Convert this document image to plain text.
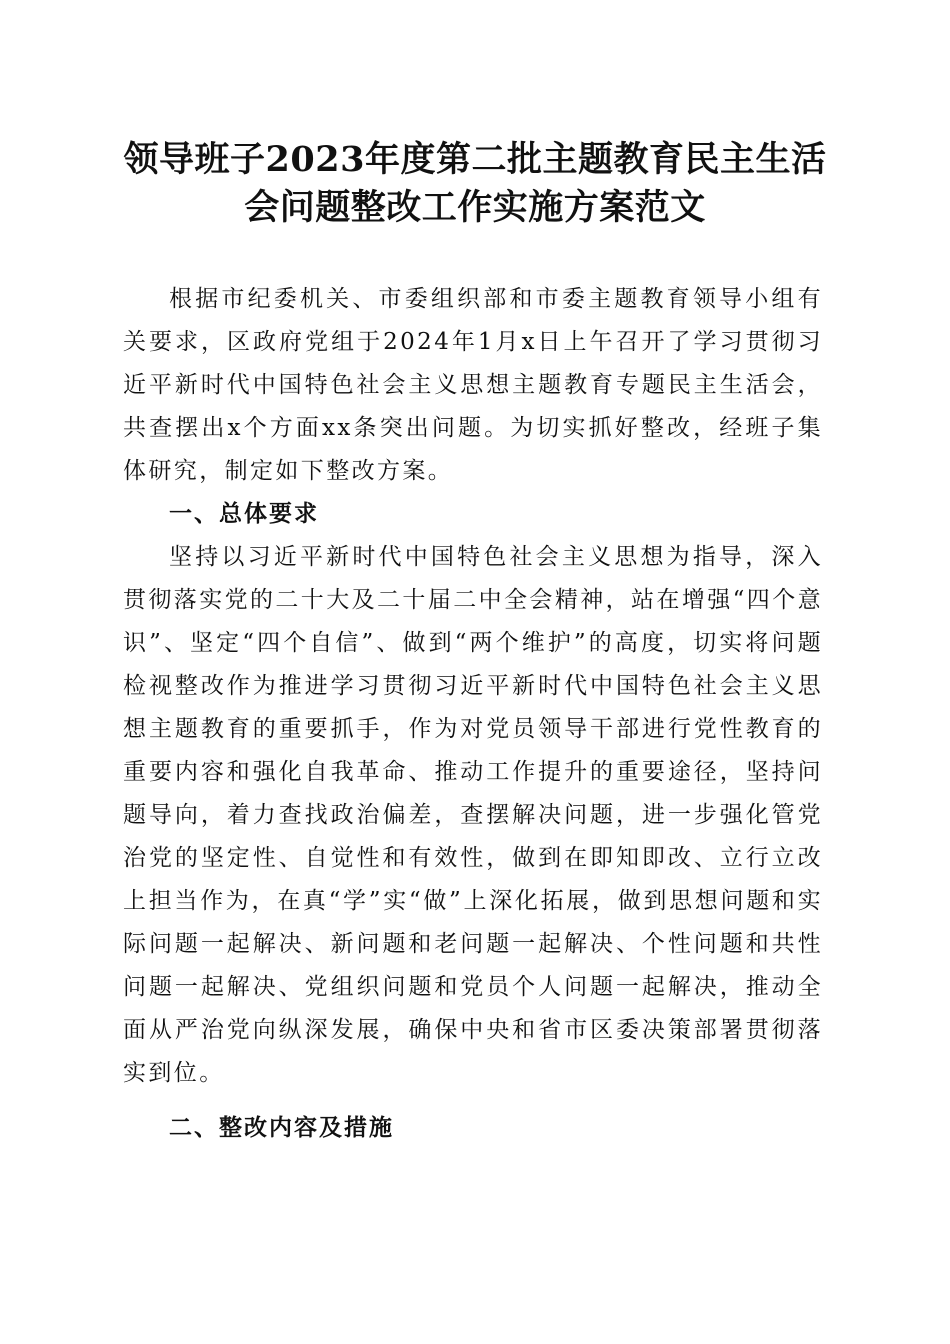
领导班子2023年度第二批主题教育民主生活
会问题整改工作实施方案范文

根据市纪委机关、市委组织部和市委主题教育领导小组有关要求，区政府党组于2024年1月x日上午召开了学习贯彻习近平新时代中国特色社会主义思想主题教育专题民主生活会，共查摆出x个方面xx条突出问题。为切实抓好整改，经班子集体研究，制定如下整改方案。

一、总体要求

坚持以习近平新时代中国特色社会主义思想为指导，深入贯彻落实党的二十大及二十届二中全会精神，站在增强“四个意识”、坚定“四个自信”、做到“两个维护”的高度，切实将问题检视整改作为推进学习贯彻习近平新时代中国特色社会主义思想主题教育的重要抓手，作为对党员领导干部进行党性教育的重要内容和强化自我革命、推动工作提升的重要途径，坚持问题导向，着力查找政治偏差，查摆解决问题，进一步强化管党治党的坚定性、自觉性和有效性，做到在即知即改、立行立改上担当作为，在真“学”实“做”上深化拓展，做到思想问题和实际问题一起解决、新问题和老问题一起解决、个性问题和共性问题一起解决、党组织问题和党员个人问题一起解决，推动全面从严治党向纵深发展，确保中央和省市区委决策部署贯彻落实到位。

二、整改内容及措施
